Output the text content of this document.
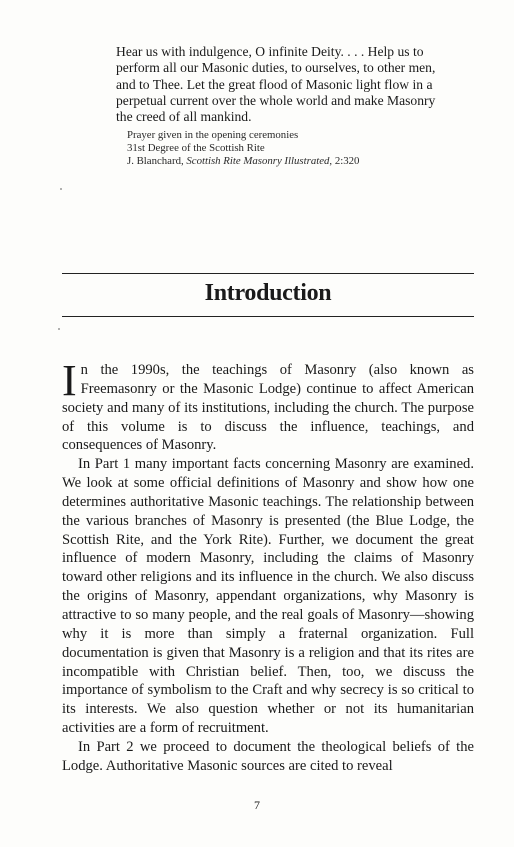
Hear us with indulgence, O infinite Deity. . . . Help us to perform all our Masonic duties, to ourselves, to other men, and to Thee. Let the great flood of Masonic light flow in a perpetual current over the whole world and make Masonry the creed of all mankind.

Prayer given in the opening ceremonies
31st Degree of the Scottish Rite
J. Blanchard, Scottish Rite Masonry Illustrated, 2:320
Introduction

In the 1990s, the teachings of Masonry (also known as Freemasonry or the Masonic Lodge) continue to affect American society and many of its institutions, including the church. The purpose of this volume is to discuss the influence, teachings, and consequences of Masonry.

In Part 1 many important facts concerning Masonry are examined. We look at some official definitions of Masonry and show how one determines authoritative Masonic teachings. The relationship between the various branches of Masonry is presented (the Blue Lodge, the Scottish Rite, and the York Rite). Further, we document the great influence of modern Masonry, including the claims of Masonry toward other religions and its influence in the church. We also discuss the origins of Masonry, appendant organizations, why Masonry is attractive to so many people, and the real goals of Masonry—showing why it is more than simply a fraternal organization. Full documentation is given that Masonry is a religion and that its rites are incompatible with Christian belief. Then, too, we discuss the importance of symbolism to the Craft and why secrecy is so critical to its interests. We also question whether or not its humanitarian activities are a form of recruitment.

In Part 2 we proceed to document the theological beliefs of the Lodge. Authoritative Masonic sources are cited to reveal

7
